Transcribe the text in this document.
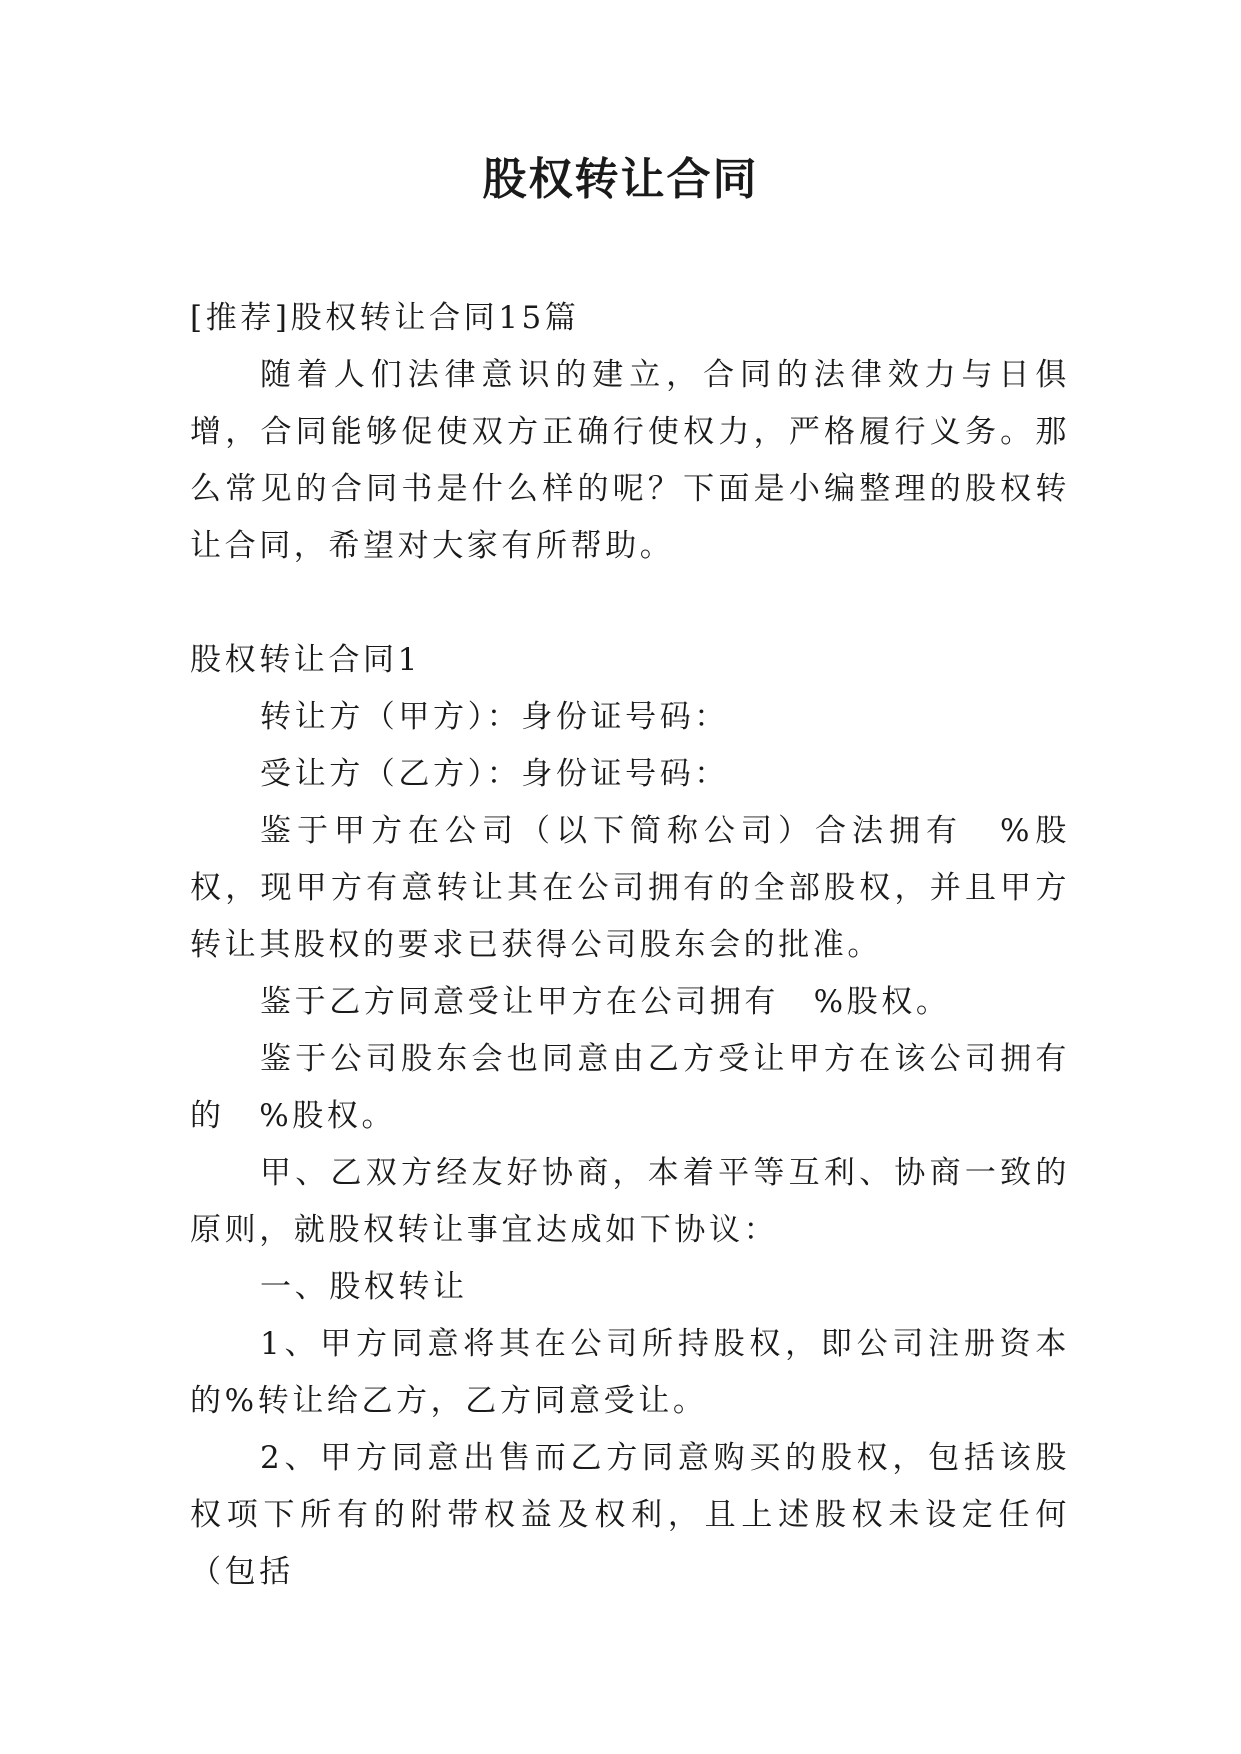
股权转让合同

[推荐]股权转让合同15篇

随着人们法律意识的建立，合同的法律效力与日俱增，合同能够促使双方正确行使权力，严格履行义务。那么常见的合同书是什么样的呢？下面是小编整理的股权转让合同，希望对大家有所帮助。

股权转让合同1

转让方（甲方）：身份证号码：

受让方（乙方）：身份证号码：

鉴于甲方在公司（以下简称公司）合法拥有　%股权，现甲方有意转让其在公司拥有的全部股权，并且甲方转让其股权的要求已获得公司股东会的批准。

鉴于乙方同意受让甲方在公司拥有　%股权。

鉴于公司股东会也同意由乙方受让甲方在该公司拥有的　%股权。

甲、乙双方经友好协商，本着平等互利、协商一致的原则，就股权转让事宜达成如下协议：

一、股权转让

1、甲方同意将其在公司所持股权，即公司注册资本的%转让给乙方，乙方同意受让。

2、甲方同意出售而乙方同意购买的股权，包括该股权项下所有的附带权益及权利，且上述股权未设定任何（包括
